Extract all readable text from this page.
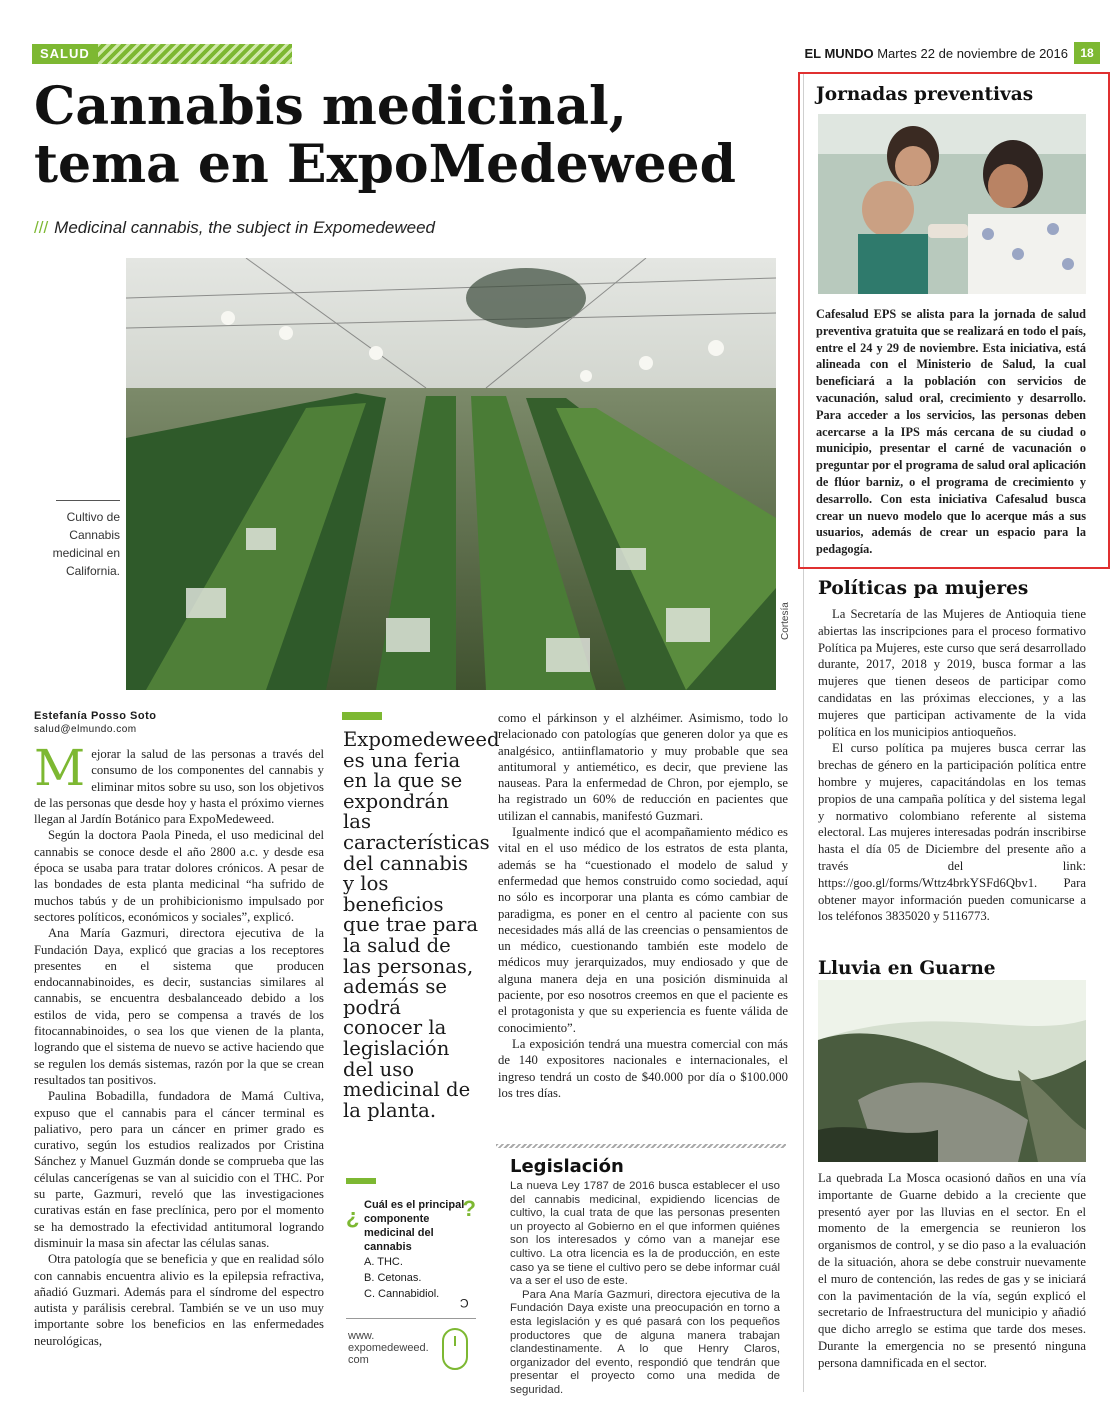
SALUD	EL MUNDO Martes 22 de noviembre de 2016	18
Cannabis medicinal,
tema en ExpoMedeweed
/// Medicinal cannabis, the subject in Expomedeweed
Cortesía
Cultivo de Cannabis medicinal en California.
Estefanía Posso Soto
salud@elmundo.com

Mejorar la salud de las personas a través del consumo de los componentes del cannabis y eliminar mitos sobre su uso, son los objetivos de las personas que desde hoy y hasta el próximo viernes llegan al Jardín Botánico para ExpoMedeweed.

Según la doctora Paola Pineda, el uso medicinal del cannabis se conoce desde el año 2800 a.c. y desde esa época se usaba para tratar dolores crónicos. A pesar de las bondades de esta planta medicinal “ha sufrido de muchos tabús y de un prohibicionismo impulsado por sectores políticos, económicos y sociales”, explicó.

Ana María Gazmuri, directora ejecutiva de la Fundación Daya, explicó que gracias a los receptores presentes en el sistema que producen endocannabinoides, es decir, sustancias similares al cannabis, se encuentra desbalanceado debido a los estilos de vida, pero se compensa a través de los fitocannabinoides, o sea los que vienen de la planta, logrando que el sistema de nuevo se active haciendo que se regulen los demás sistemas, razón por la que se crean resultados tan positivos.

Paulina Bobadilla, fundadora de Mamá Cultiva, expuso que el cannabis para el cáncer terminal es paliativo, pero para un cáncer en primer grado es curativo, según los estudios realizados por Cristina Sánchez y Manuel Guzmán donde se comprueba que las células cancerígenas se van al suicidio con el THC. Por su parte, Gazmuri, reveló que las investigaciones curativas están en fase preclínica, pero por el momento se ha demostrado la efectividad antitumoral logrando disminuir la masa sin afectar las células sanas.

Otra patología que se beneficia y que en realidad sólo con cannabis encuentra alivio es la epilepsia refractiva, añadió Guzmari. Además para el síndrome del espectro autista y parálisis cerebral. También se ve un uso muy importante sobre los beneficios en las enfermedades neurológicas,

Expomedeweed es una feria en la que se expondrán las características del cannabis y los beneficios que trae para la salud de las personas, además se podrá conocer la legislación del uso medicinal de la planta.
¿ Cuál es el principal componente medicinal del cannabis ?
A. THC.
B. Cetonas.
C. Cannabidiol.
C
www.
expomedeweed.
com

como el párkinson y el alzhéimer. Asimismo, todo lo relacionado con patologías que generen dolor ya que es analgésico, antiinflamatorio y muy probable que sea antitumoral y antiemético, es decir, que previene las nauseas. Para la enfermedad de Chron, por ejemplo, se ha registrado un 60% de reducción en pacientes que utilizan el cannabis, manifestó Guzmari.

Igualmente indicó que el acompañamiento médico es vital en el uso médico de los estratos de esta planta, además se ha “cuestionado el modelo de salud y enfermedad que hemos construido como sociedad, aquí no sólo es incorporar una planta es cómo cambiar de paradigma, es poner en el centro al paciente con sus necesidades más allá de las creencias o pensamientos de un médico, cuestionando también este modelo de médicos muy jerarquizados, muy endiosado y que de alguna manera deja en una posición disminuida al paciente, por eso nosotros creemos en que el paciente es el protagonista y que su experiencia es fuente válida de conocimiento”.

La exposición tendrá una muestra comercial con más de 140 expositores nacionales e internacionales, el ingreso tendrá un costo de $40.000 por día o $100.000 los tres días.

Legislación

La nueva Ley 1787 de 2016 busca establecer el uso del cannabis medicinal, expidiendo licencias de cultivo, la cual trata de que las personas presenten un proyecto al Gobierno en el que informen quiénes son los interesados y cómo van a manejar ese cultivo. La otra licencia es la de producción, en este caso ya se tiene el cultivo pero se debe informar cuál va a ser el uso de este.

Para Ana María Gazmuri, directora ejecutiva de la Fundación Daya existe una preocupación en torno a esta legislación y es qué pasará con los pequeños productores que de alguna manera trabajan clandestinamente. A lo que Henry Claros, organizador del evento, respondió que tendrán que presentar el proyecto como una medida de seguridad.

Jornadas preventivas
Cafesalud EPS se alista para la jornada de salud preventiva gratuita que se realizará en todo el país, entre el 24 y 29 de noviembre. Esta iniciativa, está alineada con el Ministerio de Salud, la cual beneficiará a la población con servicios de vacunación, salud oral, crecimiento y desarrollo. Para acceder a los servicios, las personas deben acercarse a la IPS más cercana de su ciudad o municipio, presentar el carné de vacunación o preguntar por el programa de salud oral aplicación de flúor barniz, o el programa de crecimiento y desarrollo. Con esta iniciativa Cafesalud busca crear un nuevo modelo que lo acerque más a sus usuarios, además de crear un espacio para la pedagogía.
Políticas pa mujeres

La Secretaría de las Mujeres de Antioquia tiene abiertas las inscripciones para el proceso formativo Política pa Mujeres, este curso que será desarrollado durante, 2017, 2018 y 2019, busca formar a las mujeres que tienen deseos de participar como candidatas en las próximas elecciones, y a las mujeres que participan activamente de la vida política en los municipios antioqueños.

El curso política pa mujeres busca cerrar las brechas de género en la participación política entre hombre y mujeres, capacitándolas en los temas propios de una campaña política y del sistema legal y normativo colombiano referente al sistema electoral. Las mujeres interesadas podrán inscribirse hasta el día 05 de Diciembre del presente año a través del link: https://goo.gl/forms/Wttz4brkYSFd6Qbv1. Para obtener mayor información pueden comunicarse a los teléfonos 3835020 y 5116773.

Lluvia en Guarne
La quebrada La Mosca ocasionó daños en una vía importante de Guarne debido a la creciente que presentó ayer por las lluvias en el sector. En el momento de la emergencia se reunieron los organismos de control, y se dio paso a la evaluación de la situación, ahora se debe construir nuevamente el muro de contención, las redes de gas y se iniciará con la pavimentación de la vía, según explicó el secretario de Infraestructura del municipio y añadió que dicho arreglo se estima que tarde dos meses. Durante la emergencia no se presentó ninguna persona damnificada en el sector.
